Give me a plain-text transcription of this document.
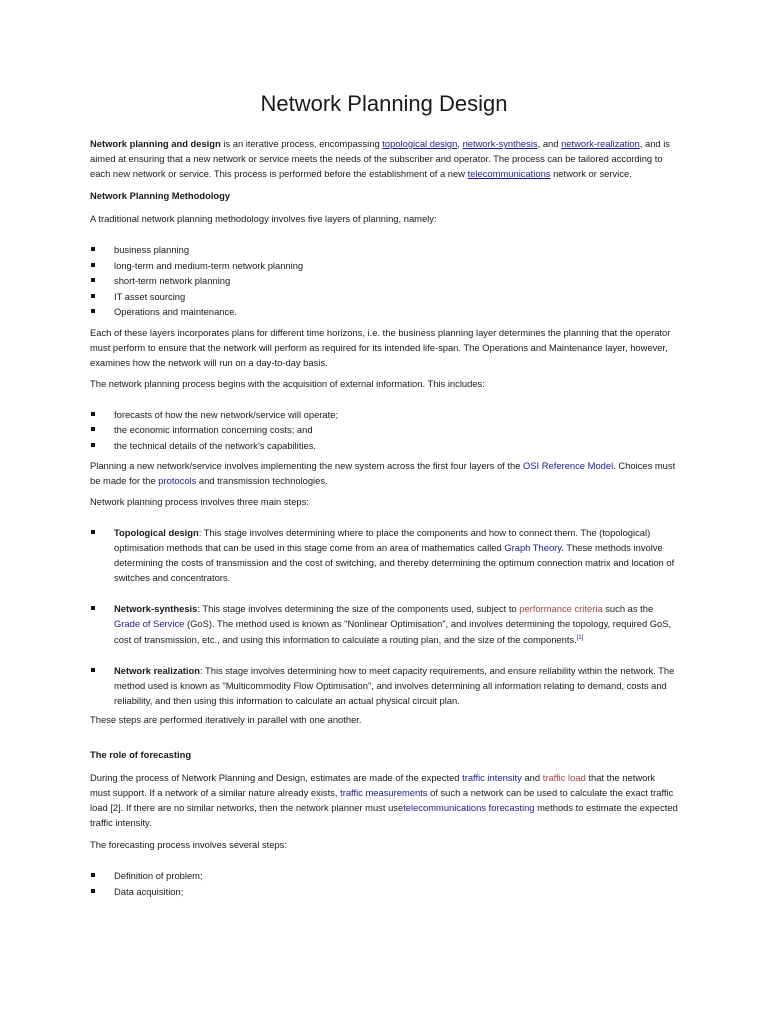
Network Planning Design

Network planning and design is an iterative process, encompassing topological design, network-synthesis, and network-realization, and is aimed at ensuring that a new network or service meets the needs of the subscriber and operator. The process can be tailored according to each new network or service. This process is performed before the establishment of a new telecommunications network or service.

Network Planning Methodology

A traditional network planning methodology involves five layers of planning, namely:

business planning
long-term and medium-term network planning
short-term network planning
IT asset sourcing
Operations and maintenance.

Each of these layers incorporates plans for different time horizons, i.e. the business planning layer determines the planning that the operator must perform to ensure that the network will perform as required for its intended life-span. The Operations and Maintenance layer, however, examines how the network will run on a day-to-day basis.

The network planning process begins with the acquisition of external information. This includes:

forecasts of how the new network/service will operate;
the economic information concerning costs; and
the technical details of the network’s capabilities.

Planning a new network/service involves implementing the new system across the first four layers of the OSI Reference Model. Choices must be made for the protocols and transmission technologies.

Network planning process involves three main steps:

Topological design: This stage involves determining where to place the components and how to connect them. The (topological) optimisation methods that can be used in this stage come from an area of mathematics called Graph Theory. These methods involve determining the costs of transmission and the cost of switching, and thereby determining the optimum connection matrix and location of switches and concentrators.

Network-synthesis: This stage involves determining the size of the components used, subject to performance criteria such as the Grade of Service (GoS). The method used is known as "Nonlinear Optimisation", and involves determining the topology, required GoS, cost of transmission, etc., and using this information to calculate a routing plan, and the size of the components.[1]

Network realization: This stage involves determining how to meet capacity requirements, and ensure reliability within the network. The method used is known as "Multicommodity Flow Optimisation", and involves determining all information relating to demand, costs and reliability, and then using this information to calculate an actual physical circuit plan.

These steps are performed iteratively in parallel with one another.

The role of forecasting

During the process of Network Planning and Design, estimates are made of the expected traffic intensity and traffic load that the network must support. If a network of a similar nature already exists, traffic measurements of such a network can be used to calculate the exact traffic load [2]. If there are no similar networks, then the network planner must usetelecommunications forecasting methods to estimate the expected traffic intensity.

The forecasting process involves several steps:

Definition of problem;
Data acquisition;
